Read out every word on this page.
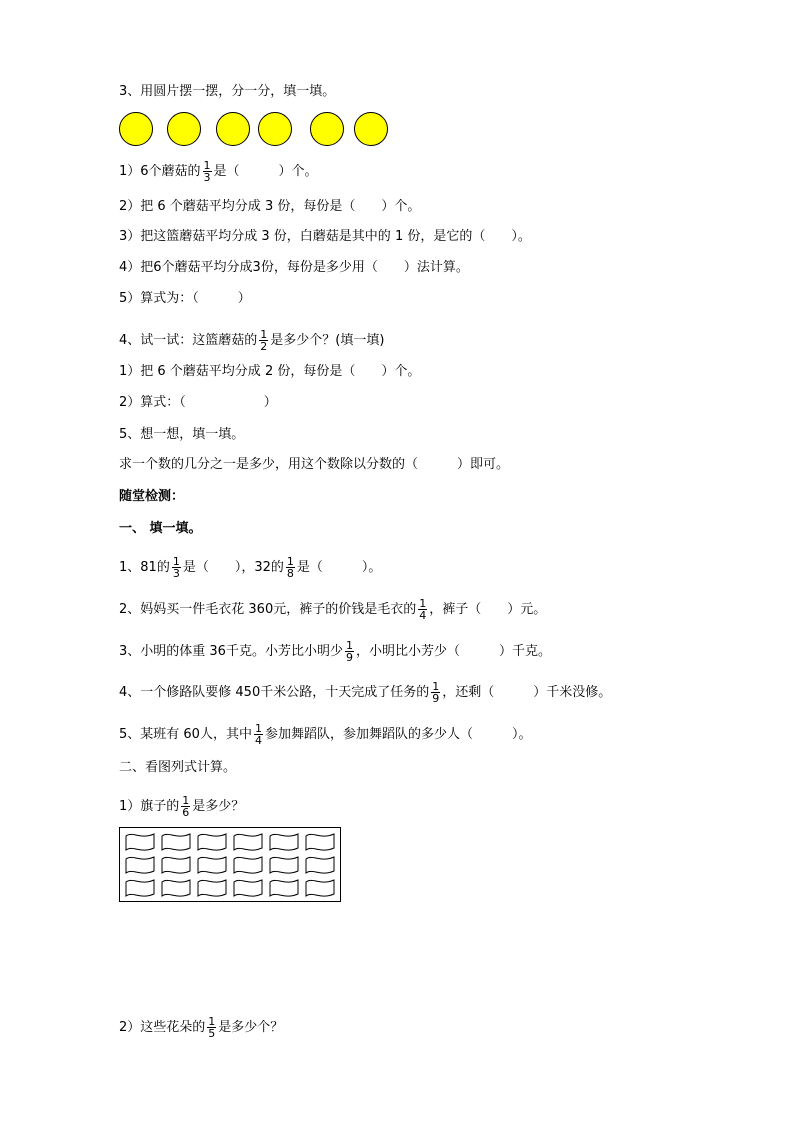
3、用圆片摆一摆，分一分，填一填。
1）6个蘑菇的 $\frac{1}{3}$ 是（　　　）个。
2）把 6 个蘑菇平均分成 3 份，每份是（　　）个。
3）把这篮蘑菇平均分成 3 份，白蘑菇是其中的 1 份，是它的（　　）。
4）把6个蘑菇平均分成3份，每份是多少用（　　）法计算。
5）算式为：（　　　）
4、试一试：这篮蘑菇的 $\frac{1}{2}$ 是多少个？(填一填)
1）把 6 个蘑菇平均分成 2 份，每份是（　　）个。
2）算式：（　　　　　　）
5、想一想，填一填。
求一个数的几分之一是多少，用这个数除以分数的（　　　）即可。
随堂检测：
一、 填一填。
1、81的 $\frac{1}{3}$ 是（　　），32的 $\frac{1}{8}$ 是（　　　）。
2、妈妈买一件毛衣花 360元，裤子的价钱是毛衣的 $\frac{1}{4}$ ，裤子（　　）元。
3、小明的体重 36千克。小芳比小明少 $\frac{1}{9}$ ，小明比小芳少（　　　）千克。
4、一个修路队要修 450千米公路，十天完成了任务的 $\frac{1}{9}$ ，还剩（　　　）千米没修。
5、某班有 60人，其中 $\frac{1}{4}$ 参加舞蹈队，参加舞蹈队的多少人（　　　）。
二、看图列式计算。
1）旗子的 $\frac{1}{6}$ 是多少？
2）这些花朵的 $\frac{1}{5}$ 是多少个？
